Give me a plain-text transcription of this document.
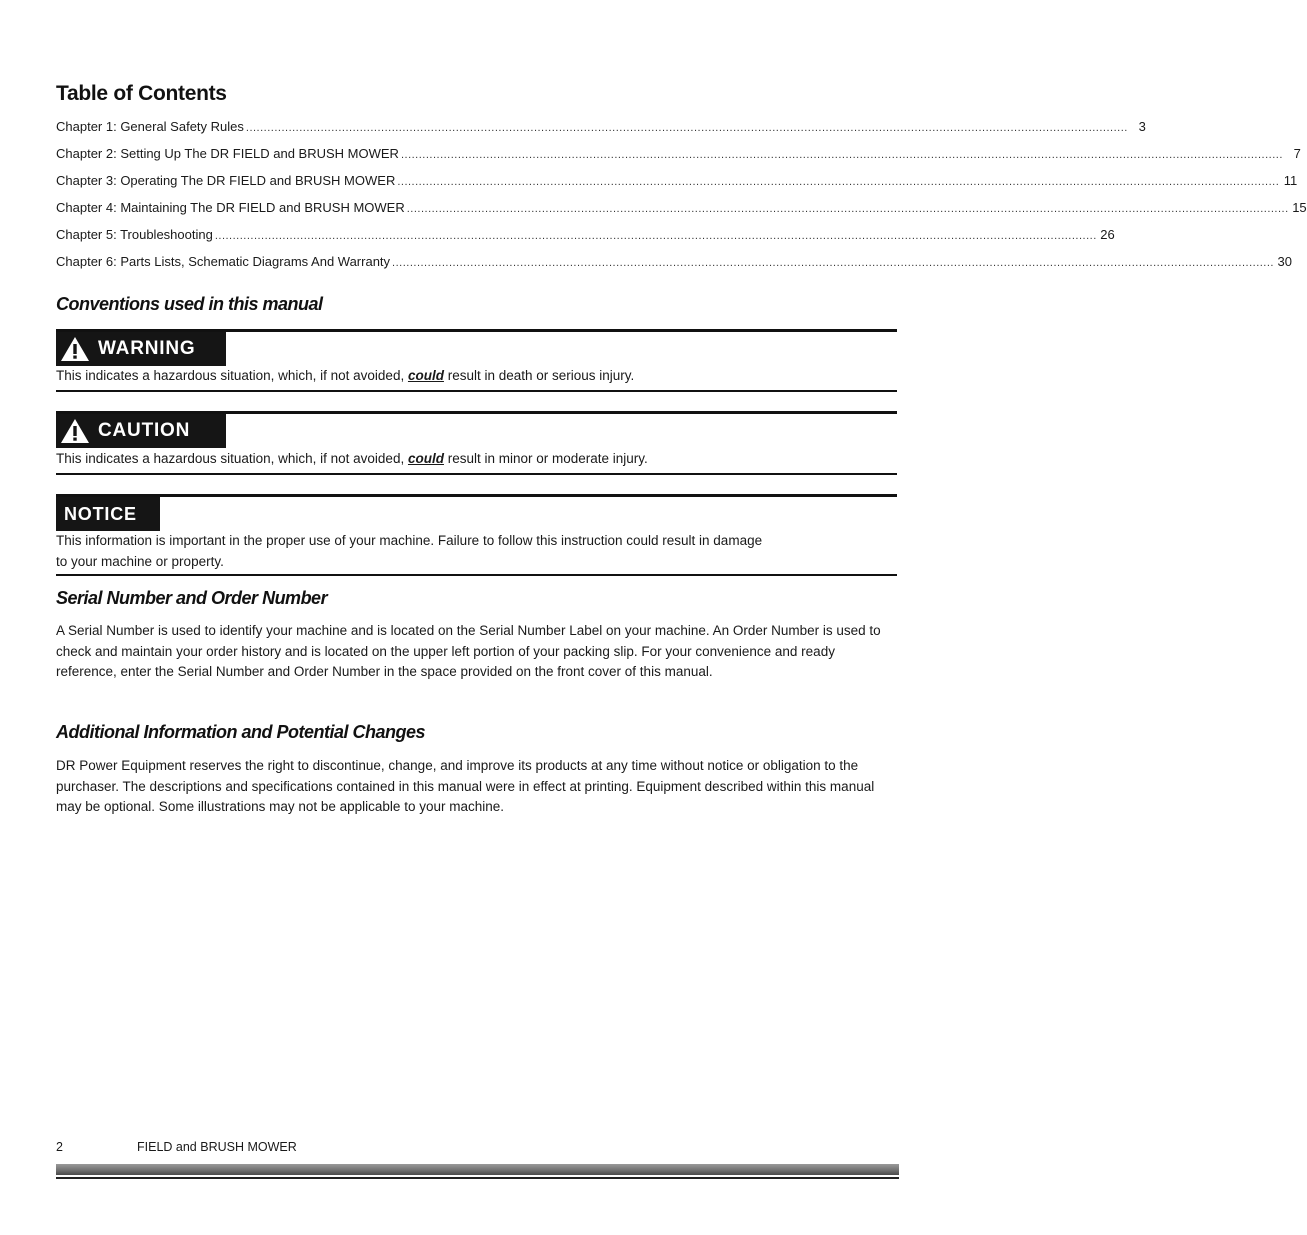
Table of Contents
Chapter 1: General Safety Rules ........................................................................................................................................................................................................................................................ 3
Chapter 2: Setting Up The DR FIELD and BRUSH MOWER ........................................................................................................................................................................................................................................................ 7
Chapter 3: Operating The DR FIELD and BRUSH MOWER ........................................................................................................................................................................................................................................................ 11
Chapter 4: Maintaining The DR FIELD and BRUSH MOWER ........................................................................................................................................................................................................................................................ 15
Chapter 5: Troubleshooting ........................................................................................................................................................................................................................................................ 26
Chapter 6: Parts Lists, Schematic Diagrams And Warranty ........................................................................................................................................................................................................................................................ 30
Conventions used in this manual
WARNING
This indicates a hazardous situation, which, if not avoided, could result in death or serious injury.
CAUTION
This indicates a hazardous situation, which, if not avoided, could result in minor or moderate injury.
NOTICE
This information is important in the proper use of your machine. Failure to follow this instruction could result in damage
to your machine or property.
Serial Number and Order Number
A Serial Number is used to identify your machine and is located on the Serial Number Label on your machine. An Order Number is used to check and maintain your order history and is located on the upper left portion of your packing slip. For your convenience and ready reference, enter the Serial Number and Order Number in the space provided on the front cover of this manual.
Additional Information and Potential Changes
DR Power Equipment reserves the right to discontinue, change, and improve its products at any time without notice or obligation to the purchaser. The descriptions and specifications contained in this manual were in effect at printing. Equipment described within this manual may be optional. Some illustrations may not be applicable to your machine.
2	FIELD and BRUSH MOWER
